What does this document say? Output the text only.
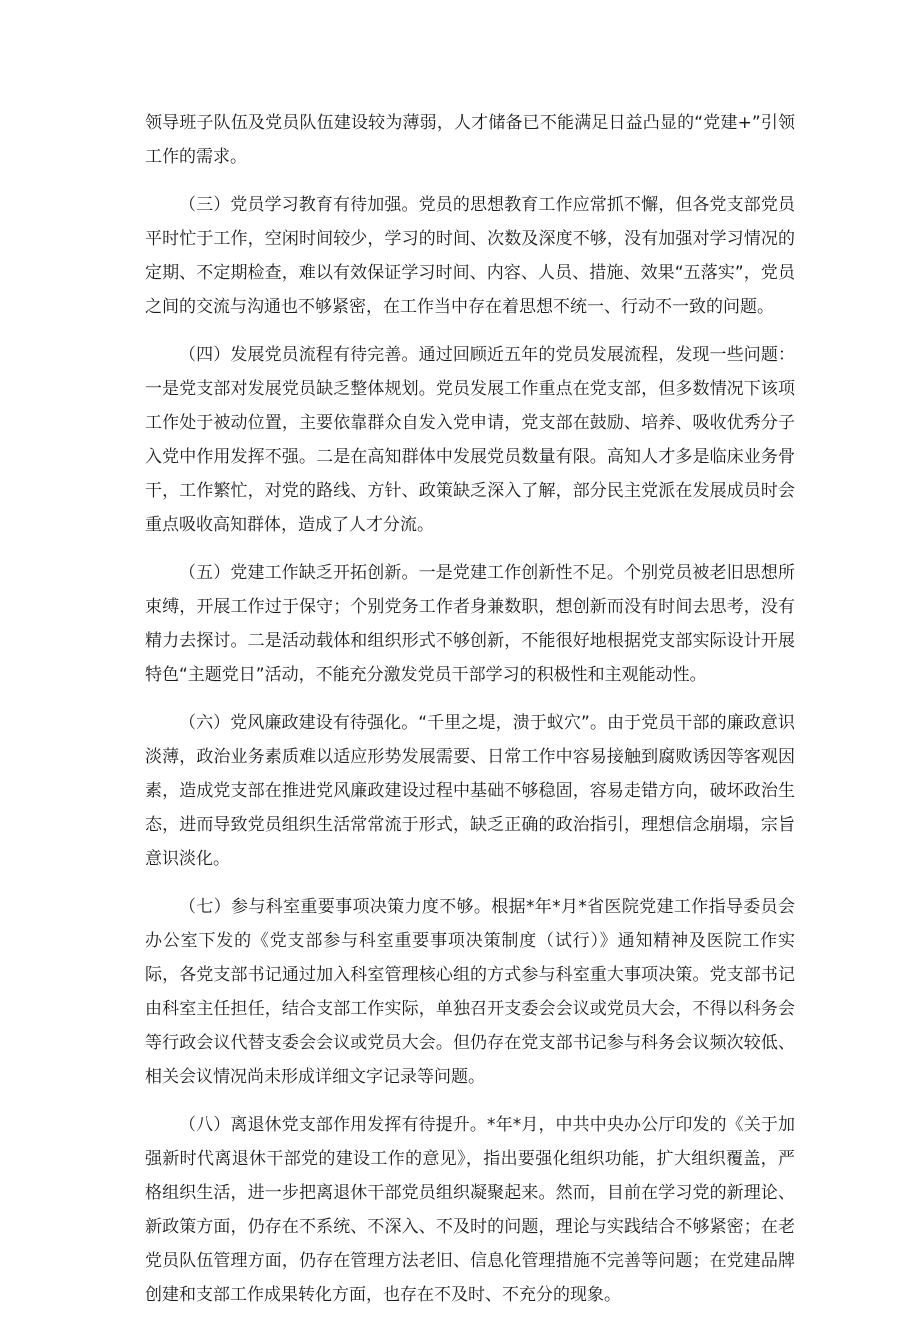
领导班子队伍及党员队伍建设较为薄弱，人才储备已不能满足日益凸显的“党建+”引领工作的需求。

（三）党员学习教育有待加强。党员的思想教育工作应常抓不懈，但各党支部党员平时忙于工作，空闲时间较少，学习的时间、次数及深度不够，没有加强对学习情况的定期、不定期检查，难以有效保证学习时间、内容、人员、措施、效果“五落实”，党员之间的交流与沟通也不够紧密，在工作当中存在着思想不统一、行动不一致的问题。

（四）发展党员流程有待完善。通过回顾近五年的党员发展流程，发现一些问题：一是党支部对发展党员缺乏整体规划。党员发展工作重点在党支部，但多数情况下该项工作处于被动位置，主要依靠群众自发入党申请，党支部在鼓励、培养、吸收优秀分子入党中作用发挥不强。二是在高知群体中发展党员数量有限。高知人才多是临床业务骨干，工作繁忙，对党的路线、方针、政策缺乏深入了解，部分民主党派在发展成员时会重点吸收高知群体，造成了人才分流。

（五）党建工作缺乏开拓创新。一是党建工作创新性不足。个别党员被老旧思想所束缚，开展工作过于保守；个别党务工作者身兼数职，想创新而没有时间去思考，没有精力去探讨。二是活动载体和组织形式不够创新，不能很好地根据党支部实际设计开展特色“主题党日”活动，不能充分激发党员干部学习的积极性和主观能动性。

（六）党风廉政建设有待强化。“千里之堤，溃于蚁穴”。由于党员干部的廉政意识淡薄，政治业务素质难以适应形势发展需要、日常工作中容易接触到腐败诱因等客观因素，造成党支部在推进党风廉政建设过程中基础不够稳固，容易走错方向，破坏政治生态，进而导致党员组织生活常常流于形式，缺乏正确的政治指引，理想信念崩塌，宗旨意识淡化。

（七）参与科室重要事项决策力度不够。根据*年*月*省医院党建工作指导委员会办公室下发的《党支部参与科室重要事项决策制度（试行）》通知精神及医院工作实际，各党支部书记通过加入科室管理核心组的方式参与科室重大事项决策。党支部书记由科室主任担任，结合支部工作实际，单独召开支委会会议或党员大会，不得以科务会等行政会议代替支委会会议或党员大会。但仍存在党支部书记参与科务会议频次较低、相关会议情况尚未形成详细文字记录等问题。

（八）离退休党支部作用发挥有待提升。*年*月，中共中央办公厅印发的《关于加强新时代离退休干部党的建设工作的意见》，指出要强化组织功能，扩大组织覆盖，严格组织生活，进一步把离退休干部党员组织凝聚起来。然而，目前在学习党的新理论、新政策方面，仍存在不系统、不深入、不及时的问题，理论与实践结合不够紧密；在老党员队伍管理方面，仍存在管理方法老旧、信息化管理措施不完善等问题；在党建品牌创建和支部工作成果转化方面，也存在不及时、不充分的现象。
